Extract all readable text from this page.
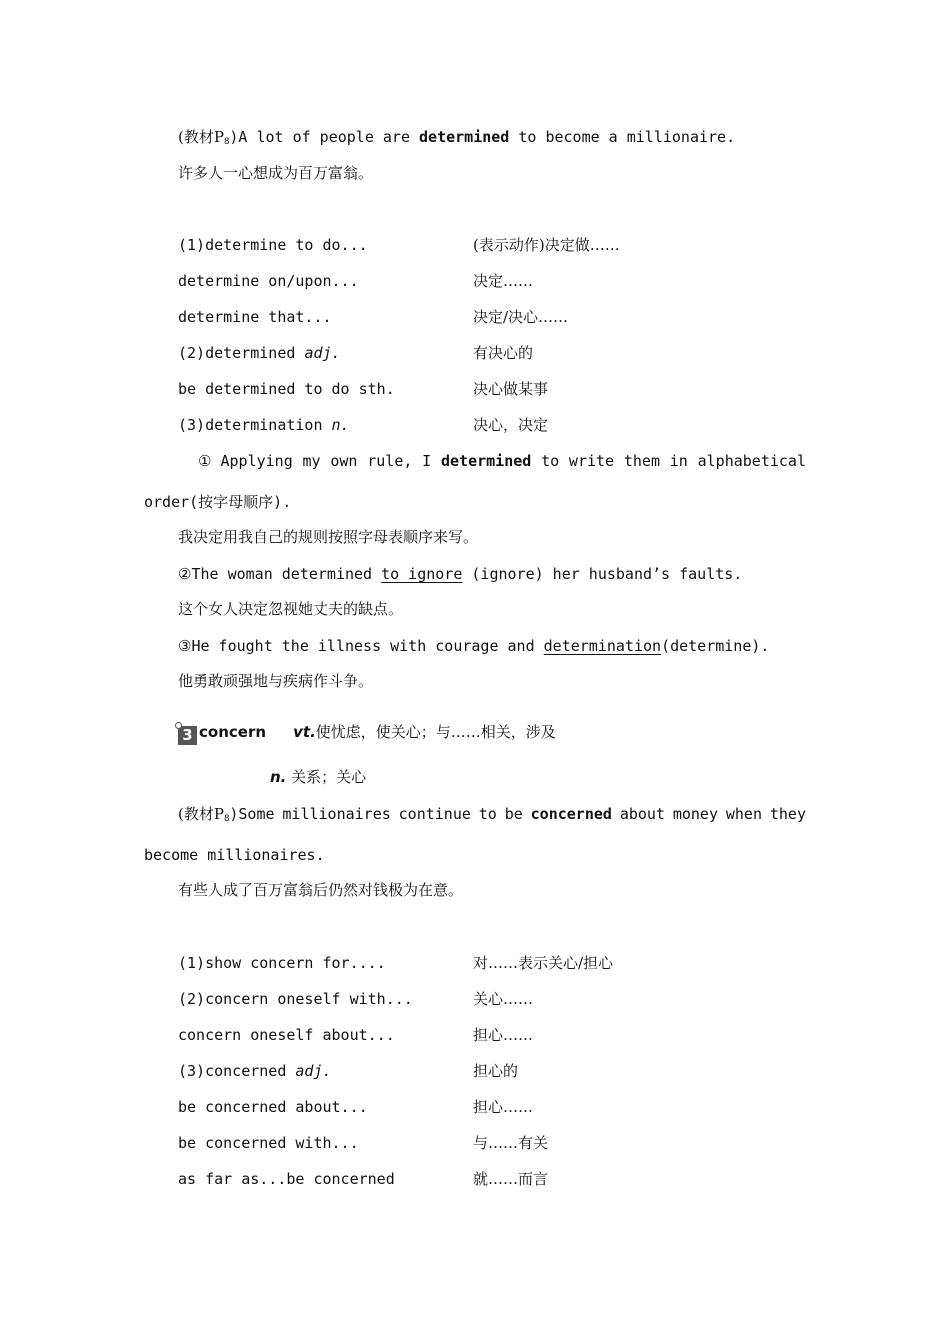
(教材$P_8)A$ lot of people are determined to become a millionaire.
许多人一心想成为百万富翁。
(1)determine to do...	(表示动作)决定做……
determine on/upon...	决定……
determine that...	决定/决心……
(2)determined adj.	有决心的
be determined to do sth.	决心做某事
(3)determination n.	决心，决定
① Applying my own rule, I determined to write them in alphabetical
order(按字母顺序).
我决定用我自己的规则按照字母表顺序来写。
②The woman determined to ignore (ignore) her husband’s faults.
这个女人决定忽视她丈夫的缺点。
③He fought the illness with courage and determination(determine).
他勇敢顽强地与疾病作斗争。
3 concern vt.使忧虑，使关心；与……相关，涉及
n. 关系；关心
(教材$P_8)Some$ millionaires continue to be concerned about money when they
become millionaires.
有些人成了百万富翁后仍然对钱极为在意。
(1)show concern for....	对……表示关心/担心
(2)concern oneself with...	关心……
concern oneself about...	担心……
(3)concerned adj.	担心的
be concerned about...	担心……
be concerned with...	与……有关
as far as...be concerned	就……而言
